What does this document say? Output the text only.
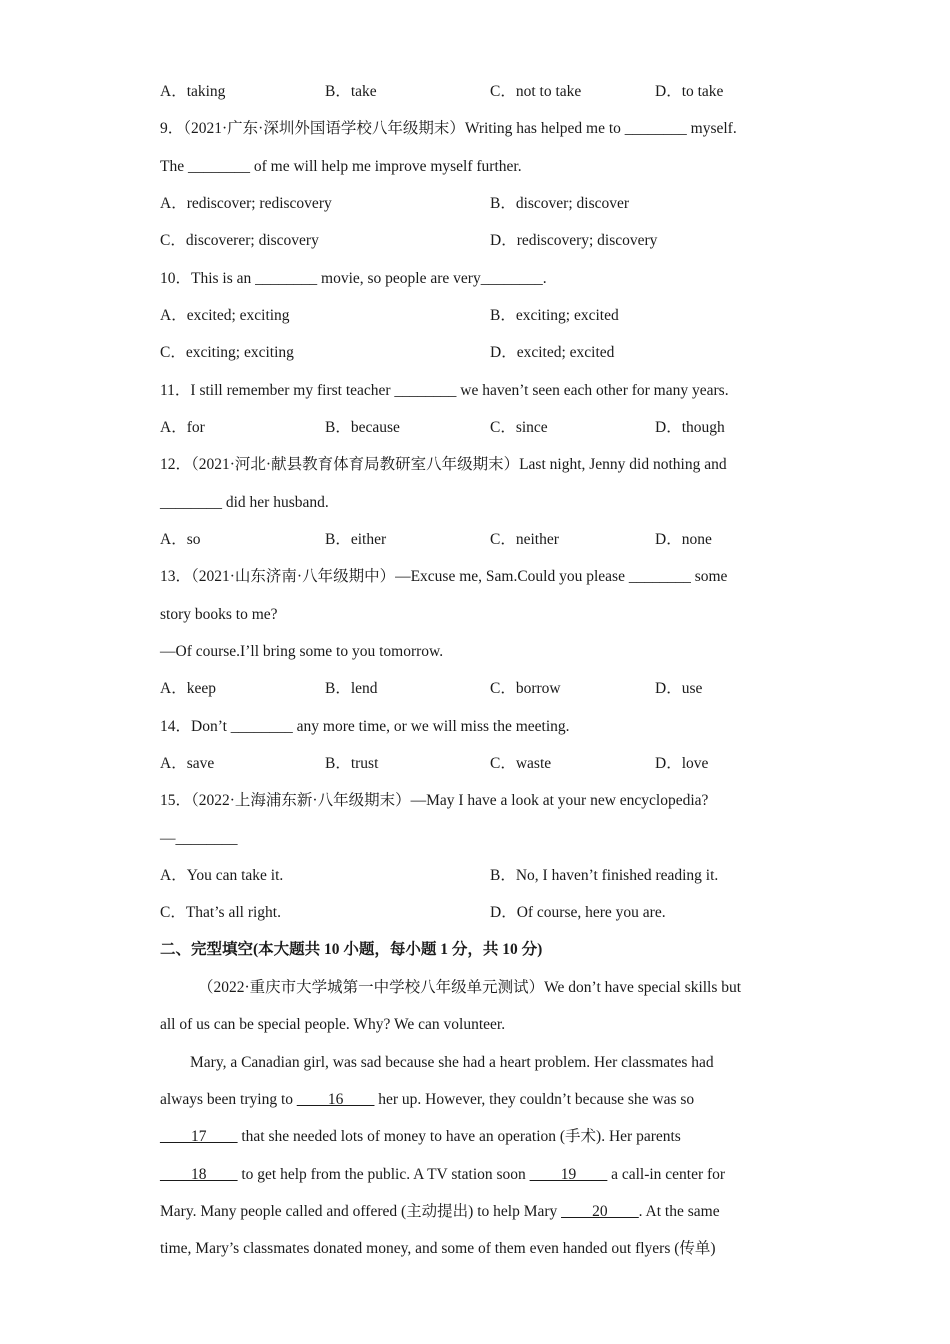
A．taking	B．take	C．not to take	D．to take
9．（2021·广东·深圳外国语学校八年级期末）Writing has helped me to ________ myself.
The ________ of me will help me improve myself further.
A．rediscover; rediscovery	B．discover; discover
C．discoverer; discovery	D．rediscovery; discovery
10．This is an ________ movie, so people are very________.
A．excited; exciting	B．exciting; excited
C．exciting; exciting	D．excited; excited
11．I still remember my first teacher ________ we haven’t seen each other for many years.
A．for	B．because	C．since	D．though
12．（2021·河北·献县教育体育局教研室八年级期末）Last night, Jenny did nothing and
________ did her husband.
A．so	B．either	C．neither	D．none
13．（2021·山东济南·八年级期中）—Excuse me, Sam.Could you please ________ some
story books to me?
—Of course.I’ll bring some to you tomorrow.
A．keep	B．lend	C．borrow	D．use
14．Don’t ________ any more time, or we will miss the meeting.
A．save	B．trust	C．waste	D．love
15．（2022·上海浦东新·八年级期末）—May I have a look at your new encyclopedia?
—________
A．You can take it.	B．No, I haven’t finished reading it.
C．That’s all right.	D．Of course, here you are.
二、完型填空(本大题共 10 小题，每小题 1 分，共 10 分)
（2022·重庆市大学城第一中学校八年级单元测试）We don’t have special skills but
all of us can be special people. Why? We can volunteer.
Mary, a Canadian girl, was sad because she had a heart problem. Her classmates had
always been trying to ____16____ her up. However, they couldn’t because she was so
____17____ that she needed lots of money to have an operation (手术). Her parents
____18____ to get help from the public. A TV station soon ____19____ a call-in center for
Mary. Many people called and offered (主动提出) to help Mary ____20____. At the same
time, Mary’s classmates donated money, and some of them even handed out flyers (传单)
